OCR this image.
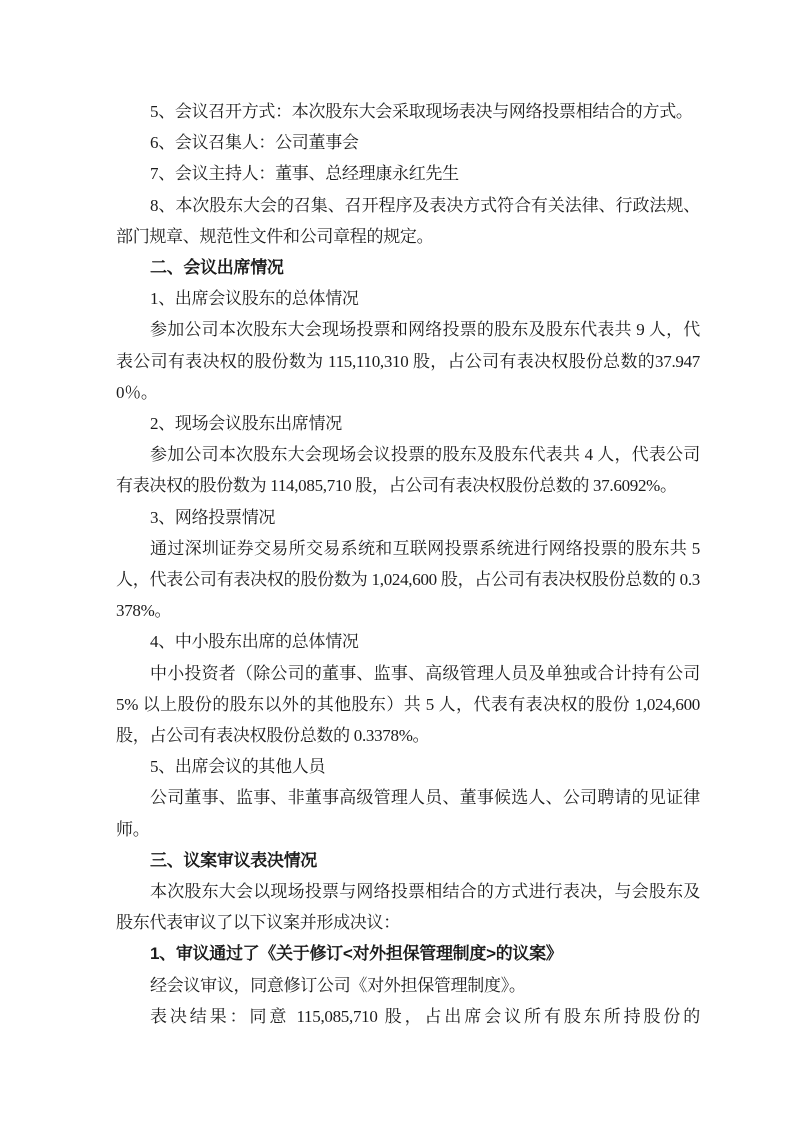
5、会议召开方式：本次股东大会采取现场表决与网络投票相结合的方式。

6、会议召集人：公司董事会

7、会议主持人：董事、总经理康永红先生

8、本次股东大会的召集、召开程序及表决方式符合有关法律、行政法规、部门规章、规范性文件和公司章程的规定。

二、会议出席情况

1、出席会议股东的总体情况

参加公司本次股东大会现场投票和网络投票的股东及股东代表共 9 人，代表公司有表决权的股份数为 115,110,310 股，占公司有表决权股份总数的37.9470％。

2、现场会议股东出席情况

参加公司本次股东大会现场会议投票的股东及股东代表共 4 人，代表公司有表决权的股份数为 114,085,710 股，占公司有表决权股份总数的 37.6092%。

3、网络投票情况

通过深圳证券交易所交易系统和互联网投票系统进行网络投票的股东共 5 人，代表公司有表决权的股份数为 1,024,600 股，占公司有表决权股份总数的 0.3378%。

4、中小股东出席的总体情况

中小投资者（除公司的董事、监事、高级管理人员及单独或合计持有公司 5% 以上股份的股东以外的其他股东）共 5 人，代表有表决权的股份 1,024,600 股，占公司有表决权股份总数的 0.3378%。

5、出席会议的其他人员

公司董事、监事、非董事高级管理人员、董事候选人、公司聘请的见证律师。

三、议案审议表决情况

本次股东大会以现场投票与网络投票相结合的方式进行表决，与会股东及股东代表审议了以下议案并形成决议：

1、审议通过了《关于修订<对外担保管理制度>的议案》

经会议审议，同意修订公司《对外担保管理制度》。

表决结果：同意 115,085,710 股，占出席会议所有股东所持股份的
